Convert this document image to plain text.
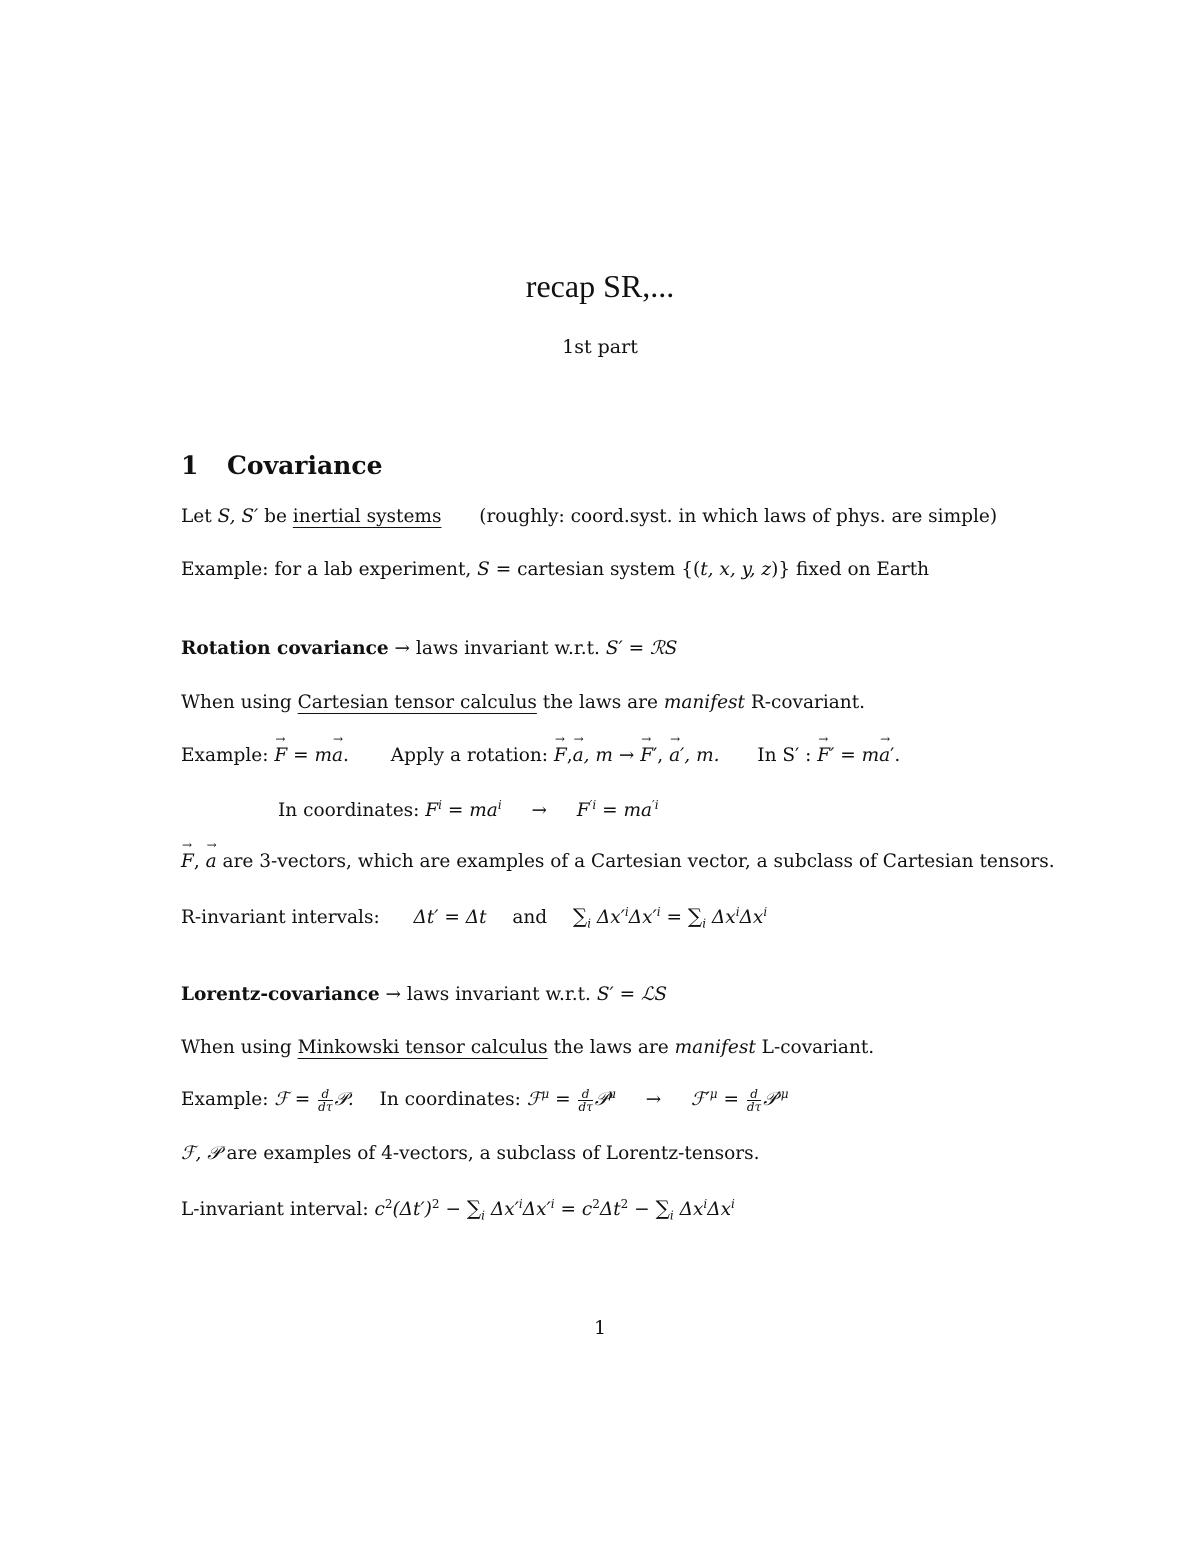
recap SR,...
1st part
1 Covariance
Let S, S′ be inertial systems (roughly: coord.syst. in which laws of phys. are simple)
Example: for a lab experiment, S = cartesian system {(t, x, y, z)} fixed on Earth
Rotation covariance → laws invariant w.r.t. S′ = ℛS
When using Cartesian tensor calculus the laws are manifest R-covariant.
Example: → F = m→ a. Apply a rotation: → F,→ a, m → → F′, → a′, m. In S′ : → F′ = m→ a′.
In coordinates: $F^i = ma^i \to F^{'i} = ma^{'i}$
→ F, → a are 3-vectors, which are examples of a Cartesian vector, a subclass of Cartesian tensors.
R-invariant intervals: Δt′ = Δt and $\sum_i$ $\Delta x'^i\Delta x'^i = \sum_i$ $\Delta x^i\Delta x^i$
Lorentz-covariance → laws invariant w.r.t. S′ = ℒS
When using Minkowski tensor calculus the laws are manifest L-covariant.
Example: ℱ = $\frac{d}{d\tau}$ 𝒫. In coordinates: ℱ$^\mu$ = $\frac{d}{d\tau}$ 𝒫$^\mu$ → $ℱ'^\mu = \frac{d}{d\tau}$ $𝒫'^\mu$
ℱ, 𝒫 are examples of 4-vectors, a subclass of Lorentz-tensors.
L-invariant interval: $c^2(\Delta t')^2 - \sum_i$ $\Delta x'^i\Delta x'^i = c^2\Delta t^2 - \sum_i$ $\Delta x^i\Delta x^i$
1
